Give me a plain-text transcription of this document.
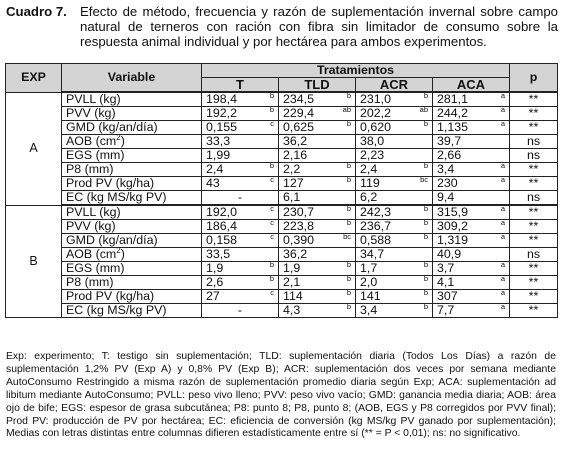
Cuadro 7. Efecto de método, frecuencia y razón de suplementación invernal sobre campo natural de terneros con ración con fibra sin limitador de consumo sobre la respuesta animal individual y por hectárea para ambos experimentos.
EXP	Variable	Tratamientos				p
		T	TLD	ACR	ACA	
A	PVLL (kg)	198,4 b	234,5 b	231,0 b	281,1 a	**
	PVV (kg)	192,2 b	229,4 ab	202,2 ab	244,2 a	**
	GMD (kg/an/día)	0,155 c	0,625 b	0,620 b	1,135 a	**
	AOB $(cm^2)$	33,3	36,2	38,0	39,7	ns
	EGS (mm)	1,99	2,16	2,23	2,66	ns
	P8 (mm)	2,4 b	2,2 b	2,4 b	3,4 a	**
	Prod PV (kg/ha)	43 c	127 b	119 bc	230 a	**
	EC (kg MS/kg PV)	-	6,1	6,2	9,4	ns
B	PVLL (kg)	192,0 c	230,7 b	242,3 b	315,9 a	**
	PVV (kg)	186,4 c	223,8 b	236,7 b	309,2 a	**
	GMD (kg/an/día)	0,158 c	0,390 bc	0,588 b	1,319 a	**
	AOB $(cm^2)$	33,5	36,2	34,7	40,9	ns
	EGS (mm)	1,9 b	1,9 b	1,7 b	3,7 a	**
	P8 (mm)	2,6 b	2,1 b	2,0 b	4,1 a	**
	Prod PV (kg/ha)	27 c	114 b	141 b	307 a	**
	EC (kg MS/kg PV)	-	4,3 b	3,4 b	7,7 a	**
Exp: experimento; T: testigo sin suplementación; TLD: suplementación diaria (Todos Los Días) a razón de suplementación 1,2% PV (Exp A) y 0,8% PV (Exp B); ACR: suplementación dos veces por semana mediante AutoConsumo Restringido a misma razón de suplementación promedio diaria según Exp; ACA: suplementación ad libitum mediante AutoConsumo; PVLL: peso vivo lleno; PVV: peso vivo vacío; GMD: ganancia media diaria; AOB: área ojo de bife; EGS: espesor de grasa subcutánea; P8: punto 8; P8, punto 8; (AOB, EGS y P8 corregidos por PVV final); Prod PV: producción de PV por hectárea; EC: eficiencia de conversión (kg MS/kg PV ganado por suplementación); Medias con letras distintas entre columnas difieren estadísticamente entre sí (** = P < 0,01); ns: no significativo.
